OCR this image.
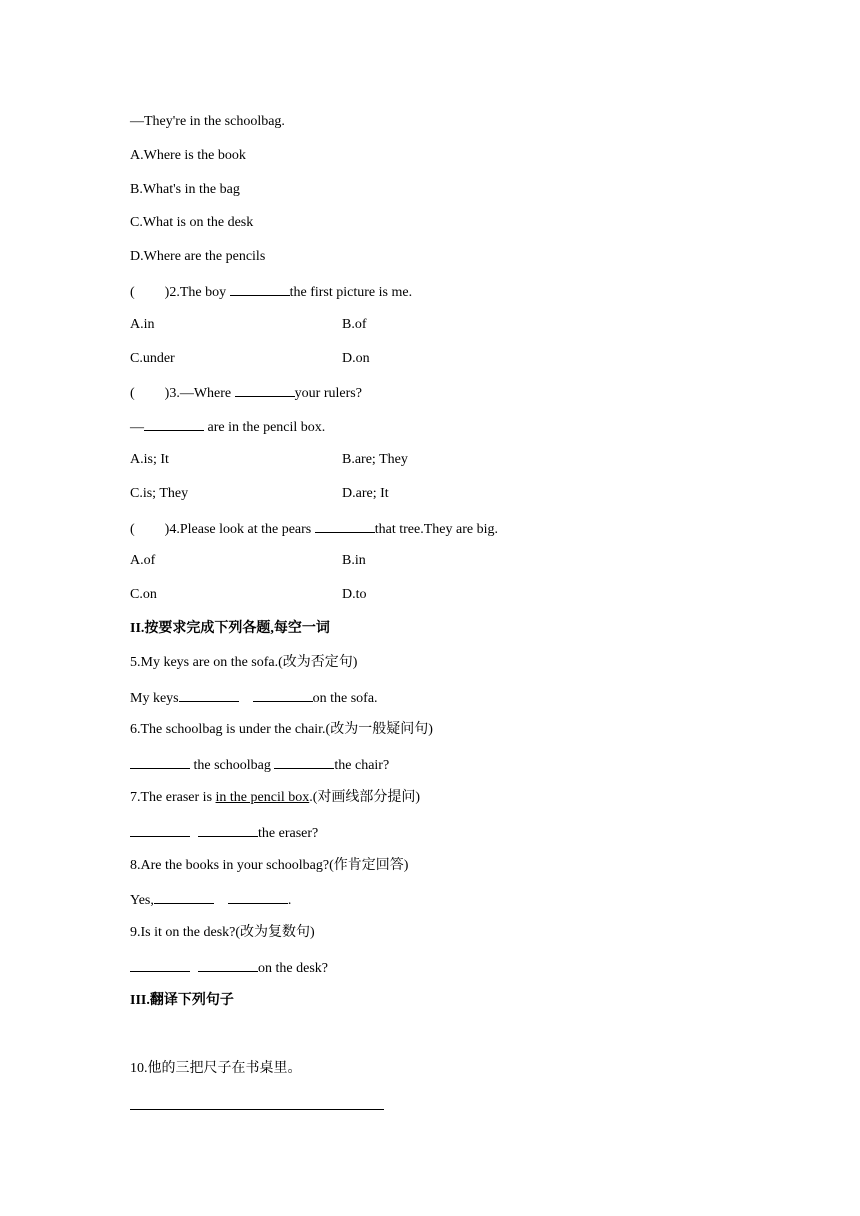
—They're in the schoolbag.
A.Where is the book
B.What's in the bag
C.What is on the desk
D.Where are the pencils
( )2.The boy	the first picture is me.
A.in	B.of
C.under	D.on
( )3.—Where	your rulers?
—	are in the pencil box.
A.is; It	B.are; They
C.is; They	D.are; It
( )4.Please look at the pears	that tree.They are big.
A.of	B.in
C.on	D.to
II.按要求完成下列各题,每空一词
5.My keys are on the sofa.(改为否定句)
My keys	on the sofa.
6.The schoolbag is under the chair.(改为一般疑问句)
the schoolbag	the chair?
7.The eraser is in the pencil box.(对画线部分提问)
the eraser?
8.Are the books in your schoolbag?(作肯定回答)
Yes,	.
9.Is it on the desk?(改为复数句)
on the desk?
III.翻译下列句子
10.他的三把尺子在书桌里。
